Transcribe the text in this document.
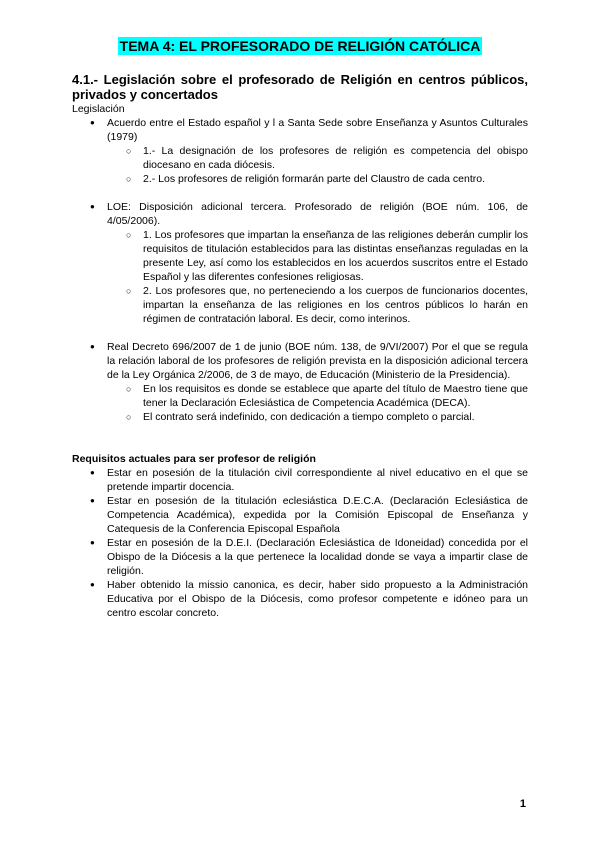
TEMA 4: EL PROFESORADO DE RELIGIÓN CATÓLICA

4.1.- Legislación sobre el profesorado de Religión en centros públicos, privados y concertados

Legislación
● Acuerdo entre el Estado español y l a Santa Sede sobre Enseñanza y Asuntos Culturales (1979)
○ 1.- La designación de los profesores de religión es competencia del obispo diocesano en cada diócesis.
○ 2.- Los profesores de religión formarán parte del Claustro de cada centro.
● LOE: Disposición adicional tercera. Profesorado de religión (BOE núm. 106, de 4/05/2006).
○ 1. Los profesores que impartan la enseñanza de las religiones deberán cumplir los requisitos de titulación establecidos para las distintas enseñanzas reguladas en la presente Ley, así como los establecidos en los acuerdos suscritos entre el Estado Español y las diferentes confesiones religiosas.
○ 2. Los profesores que, no perteneciendo a los cuerpos de funcionarios docentes, impartan la enseñanza de las religiones en los centros públicos lo harán en régimen de contratación laboral. Es decir, como interinos.
● Real Decreto 696/2007 de 1 de junio (BOE núm. 138, de 9/VI/2007) Por el que se regula la relación laboral de los profesores de religión prevista en la disposición adicional tercera de la Ley Orgánica 2/2006, de 3 de mayo, de Educación (Ministerio de la Presidencia).
○ En los requisitos es donde se establece que aparte del título de Maestro tiene que tener la Declaración Eclesiástica de Competencia Académica (DECA).
○ El contrato será indefinido, con dedicación a tiempo completo o parcial.

Requisitos actuales para ser profesor de religión

● Estar en posesión de la titulación civil correspondiente al nivel educativo en el que se pretende impartir docencia.
● Estar en posesión de la titulación eclesiástica D.E.C.A. (Declaración Eclesiástica de Competencia Académica), expedida por la Comisión Episcopal de Enseñanza y Catequesis de la Conferencia Episcopal Española
● Estar en posesión de la D.E.I. (Declaración Eclesiástica de Idoneidad) concedida por el Obispo de la Diócesis a la que pertenece la localidad donde se vaya a impartir clase de religión.
● Haber obtenido la missio canonica, es decir, haber sido propuesto a la Administración Educativa por el Obispo de la Diócesis, como profesor competente e idóneo para un centro escolar concreto.
1
